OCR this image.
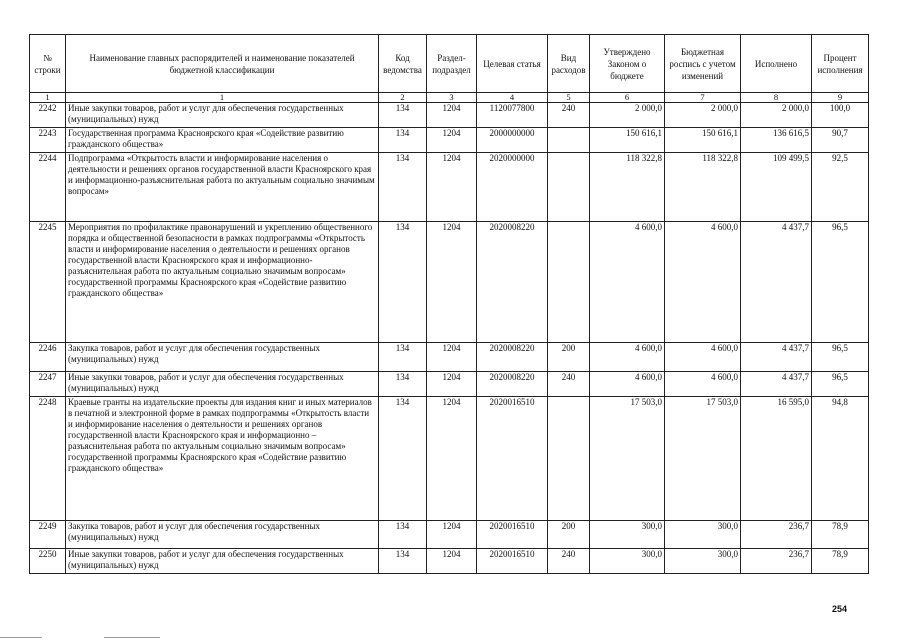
№ строки	Наименование главных распорядителей и наименование показателей бюджетной классификации	Код ведомства	Раздел-подраздел	Целевая статья	Вид расходов	Утверждено Законом о бюджете	Бюджетная роспись с учетом изменений	Исполнено	Процент исполнения
1	1	2	3	4	5	6	7	8	9
2242	Иные закупки товаров, работ и услуг для обеспечения государственных (муниципальных) нужд	134	1204	1120077800	240	2 000,0	2 000,0	2 000,0	100,0
2243	Государственная программа Красноярского края «Содействие развитию гражданского общества»	134	1204	2000000000		150 616,1	150 616,1	136 616,5	90,7
2244	Подпрограмма «Открытость власти и информирование населения о деятельности и решениях органов государственной власти Красноярского края и информационно-разъяснительная работа по актуальным социально значимым вопросам»	134	1204	2020000000		118 322,8	118 322,8	109 499,5	92,5
2245	Мероприятия по профилактике правонарушений и укреплению общественного порядка и общественной безопасности в рамках подпрограммы «Открытость власти и информирование населения о деятельности и решениях органов государственной власти Красноярского края и информационно-разъяснительная работа по актуальным социально значимым вопросам» государственной программы Красноярского края «Содействие развитию гражданского общества»	134	1204	2020008220		4 600,0	4 600,0	4 437,7	96,5
2246	Закупка товаров, работ и услуг для обеспечения государственных (муниципальных) нужд	134	1204	2020008220	200	4 600,0	4 600,0	4 437,7	96,5
2247	Иные закупки товаров, работ и услуг для обеспечения государственных (муниципальных) нужд	134	1204	2020008220	240	4 600,0	4 600,0	4 437,7	96,5
2248	Краевые гранты на издательские проекты для издания книг и иных материалов в печатной и электронной форме в рамках подпрограммы «Открытость власти и информирование населения о деятельности и решениях органов государственной власти Красноярского края и информационно – разъяснительная работа по актуальным социально значимым вопросам» государственной программы Красноярского края «Содействие развитию гражданского общества»	134	1204	2020016510		17 503,0	17 503,0	16 595,0	94,8
2249	Закупка товаров, работ и услуг для обеспечения государственных (муниципальных) нужд	134	1204	2020016510	200	300,0	300,0	236,7	78,9
2250	Иные закупки товаров, работ и услуг для обеспечения государственных (муниципальных) нужд	134	1204	2020016510	240	300,0	300,0	236,7	78,9
254
